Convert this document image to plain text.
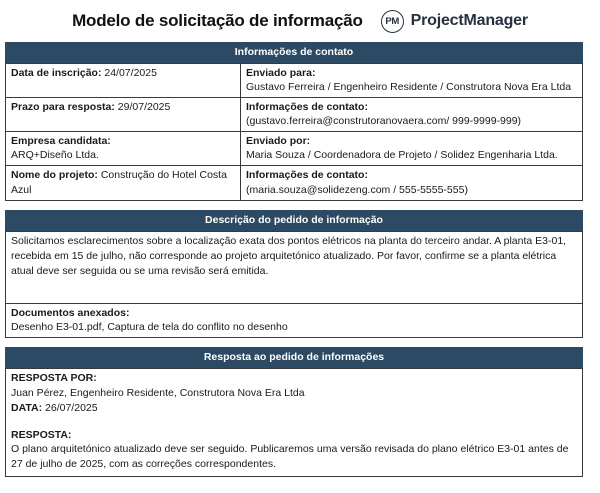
Modelo de solicitação de informação	PM ProjectManager
Informações de contato
Data de inscrição: 24/07/2025	Enviado para:
Gustavo Ferreira / Engenheiro Residente / Construtora Nova Era Ltda

Prazo para resposta: 29/07/2025	Informações de contato:
(gustavo.ferreira@construtoranovaera.com/ 999-9999-999)

Empresa candidata:
ARQ+Diseño Ltda.	Enviado por:
Maria Souza / Coordenadora de Projeto / Solidez Engenharia Ltda.

Nome do projeto: Construção do Hotel Costa Azul	Informações de contato:
(maria.souza@solidezeng.com / 555-5555-555)
Descrição do pedido de informação
Solicitamos esclarecimentos sobre a localização exata dos pontos elétricos na planta do terceiro andar. A planta E3-01, recebida em 15 de julho, não corresponde ao projeto arquitetónico atualizado. Por favor, confirme se a planta elétrica atual deve ser seguida ou se uma revisão será emitida.

Documentos anexados:
Desenho E3-01.pdf, Captura de tela do conflito no desenho
Resposta ao pedido de informações
RESPOSTA POR:
Juan Pérez, Engenheiro Residente, Construtora Nova Era Ltda
DATA: 26/07/2025
RESPOSTA:
O plano arquitetónico atualizado deve ser seguido. Publicaremos uma versão revisada do plano elétrico E3-01 antes de 27 de julho de 2025, com as correções correspondentes.
